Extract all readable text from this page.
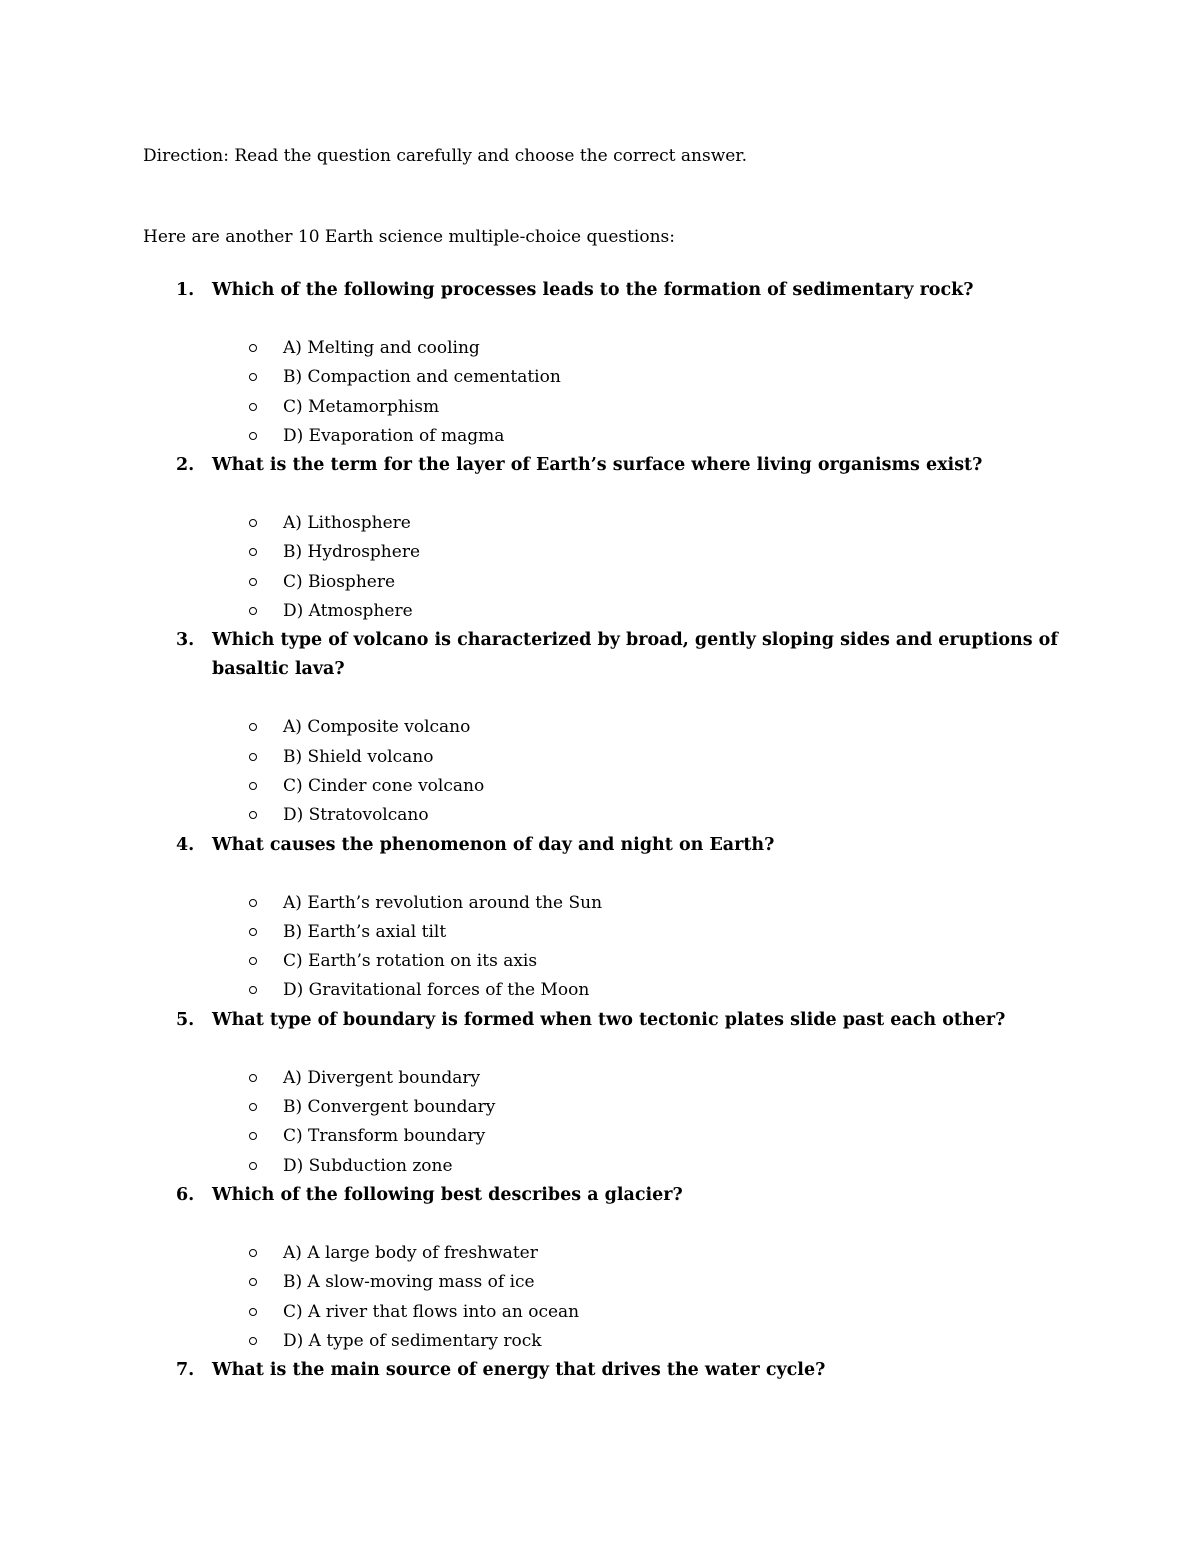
Direction: Read the question carefully and choose the correct answer.
Here are another 10 Earth science multiple-choice questions:
1. Which of the following processes leads to the formation of sedimentary rock?
A) Melting and cooling
B) Compaction and cementation
C) Metamorphism
D) Evaporation of magma
2. What is the term for the layer of Earth’s surface where living organisms exist?
A) Lithosphere
B) Hydrosphere
C) Biosphere
D) Atmosphere
3. Which type of volcano is characterized by broad, gently sloping sides and eruptions of basaltic lava?
A) Composite volcano
B) Shield volcano
C) Cinder cone volcano
D) Stratovolcano
4. What causes the phenomenon of day and night on Earth?
A) Earth’s revolution around the Sun
B) Earth’s axial tilt
C) Earth’s rotation on its axis
D) Gravitational forces of the Moon
5. What type of boundary is formed when two tectonic plates slide past each other?
A) Divergent boundary
B) Convergent boundary
C) Transform boundary
D) Subduction zone
6. Which of the following best describes a glacier?
A) A large body of freshwater
B) A slow-moving mass of ice
C) A river that flows into an ocean
D) A type of sedimentary rock
7. What is the main source of energy that drives the water cycle?
